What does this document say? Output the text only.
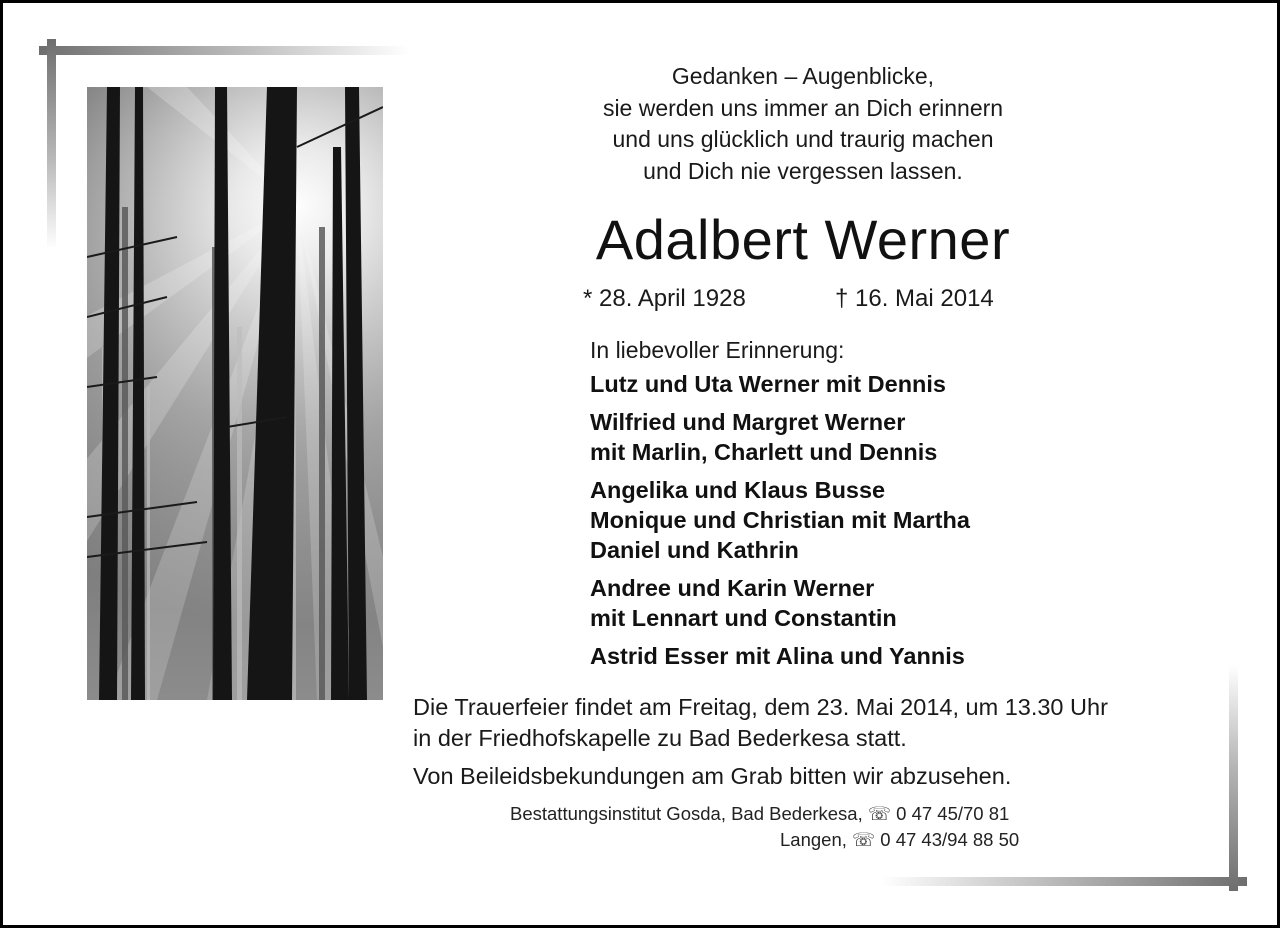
Gedanken – Augenblicke,
sie werden uns immer an Dich erinnern
und uns glücklich und traurig machen
und Dich nie vergessen lassen.
Adalbert Werner
* 28. April 1928	† 16. Mai 2014
In liebevoller Erinnerung:
Lutz und Uta Werner mit Dennis
Wilfried und Margret Werner
mit Marlin, Charlett und Dennis
Angelika und Klaus Busse
Monique und Christian mit Martha
Daniel und Kathrin
Andree und Karin Werner
mit Lennart und Constantin
Astrid Esser mit Alina und Yannis
Die Trauerfeier findet am Freitag, dem 23. Mai 2014, um 13.30 Uhr
in der Friedhofskapelle zu Bad Bederkesa statt.
Von Beileidsbekundungen am Grab bitten wir abzusehen.
Bestattungsinstitut Gosda, Bad Bederkesa, ☏ 0 47 45/70 81
Langen, ☏ 0 47 43/94 88 50
